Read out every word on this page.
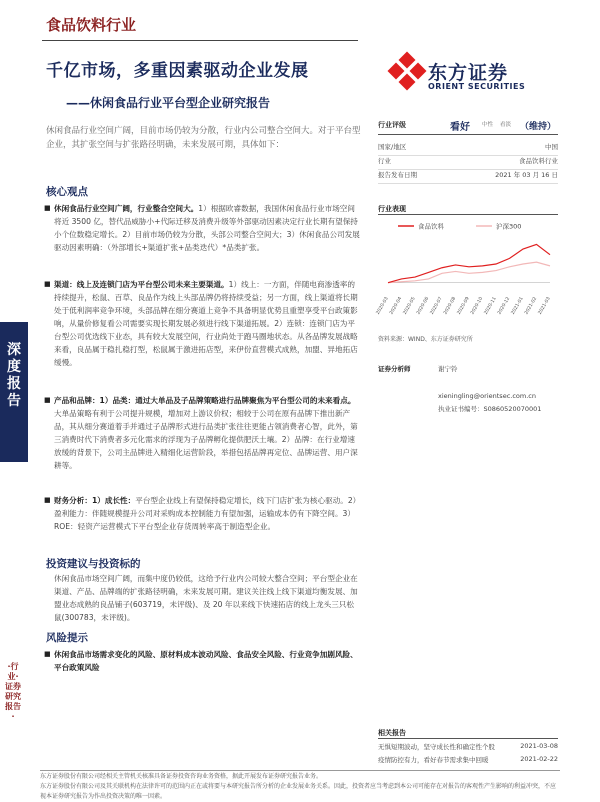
食品饮料行业
千亿市场，多重因素驱动企业发展
——休闲食品行业平台型企业研究报告
休闲食品行业空间广阔，目前市场仍较为分散，行业内公司整合空间大。对于平台型企业，其扩张空间与扩张路径明确，未来发展可期，具体如下：
核心观点
■ 休闲食品行业空间广阔，行业整合空间大。1）根据欧睿数据，我国休闲食品行业市场空间将近 3500 亿，替代品威胁小+代际迁移及消费升级等外部驱动因素决定行业长期有望保持小个位数稳定增长。2）目前市场仍较为分散，头部公司整合空间大；3）休闲食品公司发展驱动因素明确：（外部增长+渠道扩张+品类迭代）*品类扩张。
■ 渠道：线上及连锁门店为平台型公司未来主要渠道。1）线上：一方面，伴随电商渗透率的持续提升，松鼠、百草、良品作为线上头部品牌仍将持续受益；另一方面，线上渠道将长期处于低利润率竞争环境，头部品牌在细分赛道上竞争不具备明显优势且重塑享受平台政策影响，从量价修复看公司需要实现长期发展必须进行线下渠道拓展。2）连锁：连锁门店为平台型公司优选线下业态，具有较大发展空间，行业尚处于跑马圈地状态。从各品牌发展战略来看，良品属于稳扎稳打型，松鼠属于激进拓店型，来伊份直营模式成熟，加盟、异地拓店缓慢。
■ 产品和品牌：1）品类：通过大单品及子品牌策略进行品牌聚焦为平台型公司的未来看点。大单品策略有利于公司提升规模，增加对上游议价权；相较于公司在原有品牌下推出新产品，其从细分赛道着手并通过子品牌形式进行品类扩张往往更能占领消费者心智，此外，第三消费时代下消费者多元化需求的浮现为子品牌孵化提供肥沃土壤。2）品牌：在行业增速放缓的背景下，公司主品牌进入精细化运营阶段，举措包括品牌再定位、品牌运营、用户深耕等。
■ 财务分析：1）成长性：平台型企业线上有望保持稳定增长，线下门店扩张为核心驱动。2）盈利能力：伴随规模提升公司对采购成本控制能力有望加强，运输成本仍有下降空间。3）ROE：轻资产运营模式下平台型企业存货周转率高于制造型企业。
投资建议与投资标的
休闲食品市场空间广阔，而集中度仍较低，这给予行业内公司较大整合空间；平台型企业在渠道、产品、品牌端的扩张路径明确，未来发展可期。建议关注线上线下渠道均衡发展、加盟业态成熟的良品铺子(603719，未评级)、及 20 年以来线下快速拓店的线上龙头三只松鼠(300783，未评级)。
风险提示
■ 休闲食品市场需求变化的风险、原材料成本波动风险、食品安全风险、行业竞争加剧风险、平台政策风险
深
度
报
告
·行业·证券研究报告·
东方证券
ORIENT SECURITIES
行业评级	看好 中性 看淡 （维持）
国家/地区	中国
行业	食品饮料行业
报告发布日期	2021 年 03 月 16 日
行业表现
食品饮料	沪深300
2020-03 2020-04 2020-05 2020-06 2020-07 2020-08 2020-09 2020-10 2020-11 2020-12 2021-01 2021-02 2021-03
资料来源：WIND、东方证券研究所
证券分析师	谢宁铃
xieningling@orientsec.com.cn
执业证书编号：S0860520070001
相关报告
无惧短期波动，坚守成长性和确定性个股	2021-03-08
疫情防控有力，看好春节需求集中回暖	2021-02-22
东方证券股份有限公司经相关主管机关核准具备证券投资咨询业务资格，据此开展发布证券研究报告业务。
东方证券股份有限公司及其关联机构在法律许可的范围内正在或将要与本研究报告所分析的企业发展业务关系。因此，投资者应当考虑到本公司可能存在对报告的客观性产生影响的利益冲突，不应视本证券研究报告为作出投资决策的唯一因素。
